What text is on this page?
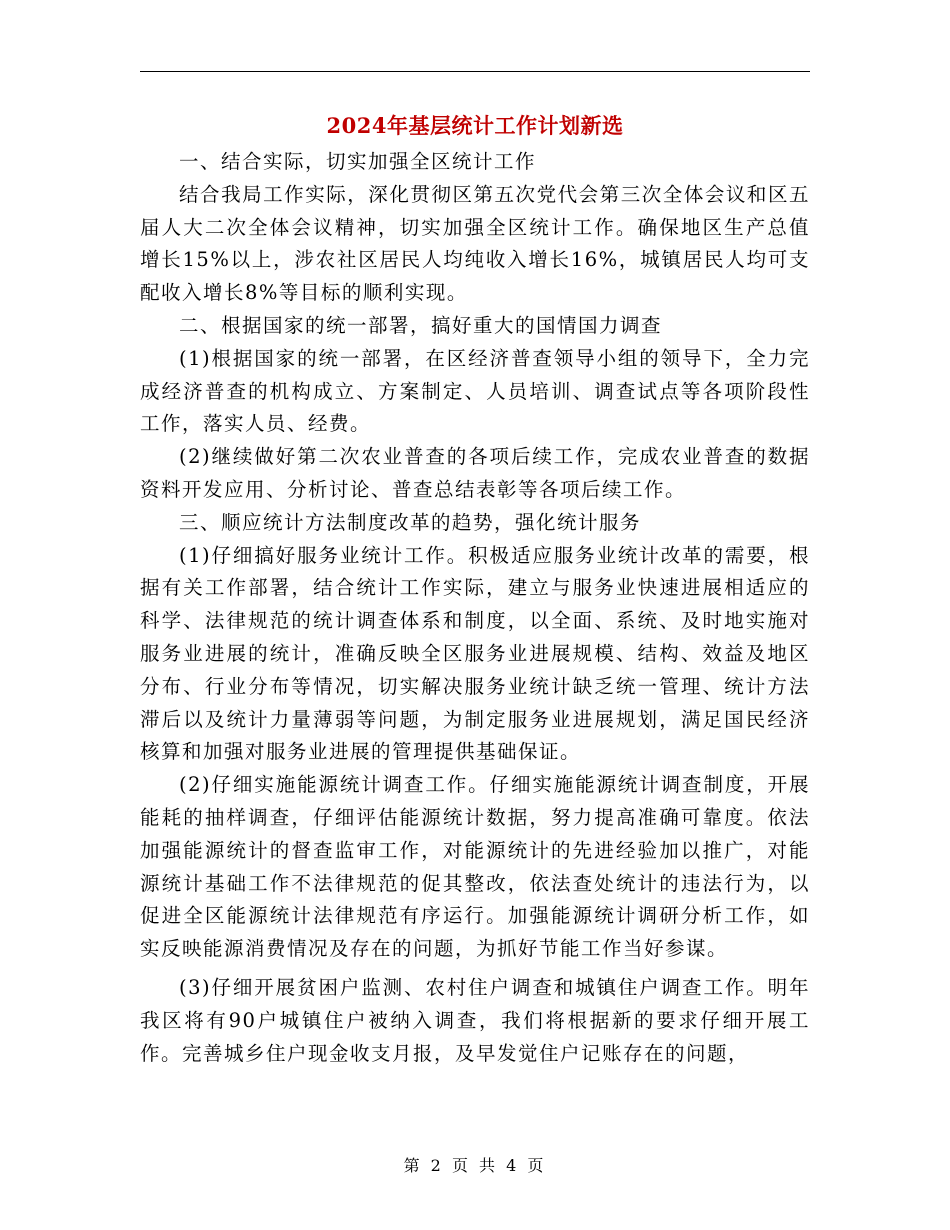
2024年基层统计工作计划新选

一、结合实际，切实加强全区统计工作

结合我局工作实际，深化贯彻区第五次党代会第三次全体会议和区五届人大二次全体会议精神，切实加强全区统计工作。确保地区生产总值增长15%以上，涉农社区居民人均纯收入增长16%，城镇居民人均可支配收入增长8%等目标的顺利实现。

二、根据国家的统一部署，搞好重大的国情国力调查

(1)根据国家的统一部署，在区经济普查领导小组的领导下，全力完成经济普查的机构成立、方案制定、人员培训、调查试点等各项阶段性工作，落实人员、经费。

(2)继续做好第二次农业普查的各项后续工作，完成农业普查的数据资料开发应用、分析讨论、普查总结表彰等各项后续工作。

三、顺应统计方法制度改革的趋势，强化统计服务

(1)仔细搞好服务业统计工作。积极适应服务业统计改革的需要，根据有关工作部署，结合统计工作实际，建立与服务业快速进展相适应的科学、法律规范的统计调查体系和制度，以全面、系统、及时地实施对服务业进展的统计，准确反映全区服务业进展规模、结构、效益及地区分布、行业分布等情况，切实解决服务业统计缺乏统一管理、统计方法滞后以及统计力量薄弱等问题，为制定服务业进展规划，满足国民经济核算和加强对服务业进展的管理提供基础保证。

(2)仔细实施能源统计调查工作。仔细实施能源统计调查制度，开展能耗的抽样调查，仔细评估能源统计数据，努力提高准确可靠度。依法加强能源统计的督查监审工作，对能源统计的先进经验加以推广，对能源统计基础工作不法律规范的促其整改，依法查处统计的违法行为，以促进全区能源统计法律规范有序运行。加强能源统计调研分析工作，如实反映能源消费情况及存在的问题，为抓好节能工作当好参谋。

(3)仔细开展贫困户监测、农村住户调查和城镇住户调查工作。明年我区将有90户城镇住户被纳入调查，我们将根据新的要求仔细开展工作。完善城乡住户现金收支月报，及早发觉住户记账存在的问题，

第 2 页 共 4 页
